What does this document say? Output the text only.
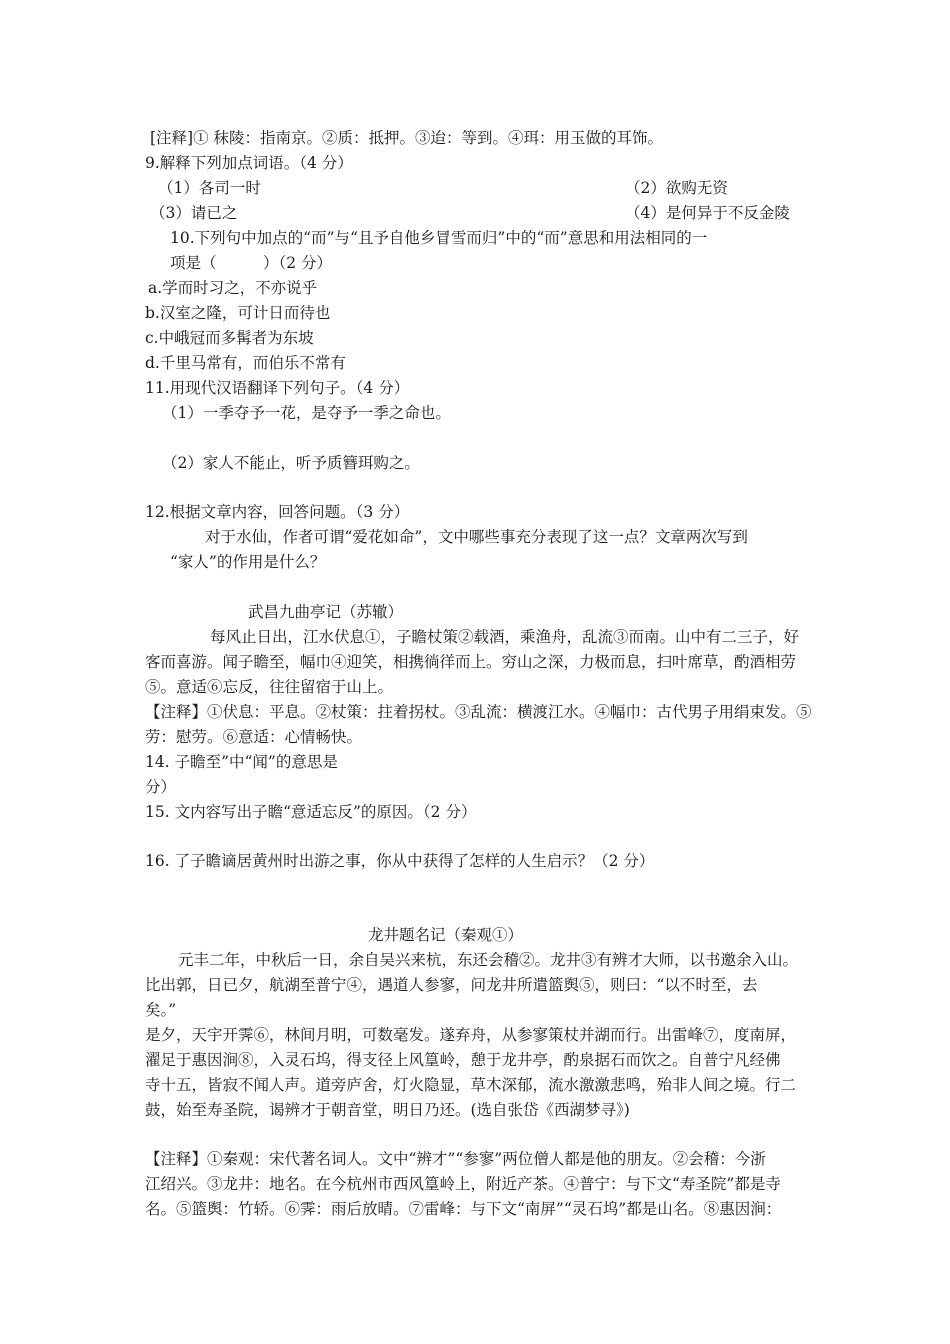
[注释]① 秣陵：指南京。②质：抵押。③迨：等到。④珥：用玉做的耳饰。
9.解释下列加点词语。（4 分）
（1）各司一时	（2）欲购无资
（3）请已之	（4）是何异于不反金陵
10.下列句中加点的“而”与“且予自他乡冒雪而归”中的“而”意思和用法相同的一
项是（　　　）（2 分）
a.学而时习之，不亦说乎
b.汉室之隆，可计日而待也
c.中峨冠而多髯者为东坡
d.千里马常有，而伯乐不常有
11.用现代汉语翻译下列句子。（4 分）
（1）一季夺予一花，是夺予一季之命也。
（2）家人不能止，听予质簪珥购之。
12.根据文章内容，回答问题。（3 分）
对于水仙，作者可谓“爱花如命”，文中哪些事充分表现了这一点？文章两次写到
“家人”的作用是什么？
武昌九曲亭记（苏辙）
每风止日出，江水伏息①，子瞻杖策②载酒，乘渔舟，乱流③而南。山中有二三子，好
客而喜游。闻子瞻至，幅巾④迎笑，相携徜徉而上。穷山之深，力极而息，扫叶席草，酌酒相劳
⑤。意适⑥忘反，往往留宿于山上。
【注释】①伏息：平息。②杖策：拄着拐杖。③乱流：横渡江水。④幅巾：古代男子用绢束发。⑤
劳：慰劳。⑥意适：心情畅快。
14. 子瞻至”中“闻”的意思是
分）
15. 文内容写出子瞻“意适忘反”的原因。（2 分）
16. 了子瞻谪居黄州时出游之事，你从中获得了怎样的人生启示？（2 分）
龙井题名记（秦观①）
元丰二年，中秋后一日，余自吴兴来杭，东还会稽②。龙井③有辨才大师，以书邀余入山。
比出郭，日已夕，航湖至普宁④，遇道人参寥，问龙井所遣篮舆⑤，则曰：“以不时至，去
矣。”
是夕，天宇开霁⑥，林间月明，可数毫发。遂弃舟，从参寥策杖并湖而行。出雷峰⑦，度南屏，
濯足于惠因涧⑧，入灵石坞，得支径上风篁岭，憩于龙井亭，酌泉据石而饮之。自普宁凡经佛
寺十五，皆寂不闻人声。道旁庐舍，灯火隐显，草木深郁，流水激激悲鸣，殆非人间之境。行二
鼓，始至寿圣院，谒辨才于朝音堂，明日乃还。(选自张岱《西湖梦寻》)
【注释】①秦观：宋代著名词人。文中“辨才”“参寥”两位僧人都是他的朋友。②会稽：今浙
江绍兴。③龙井：地名。在今杭州市西风篁岭上，附近产茶。④普宁：与下文“寿圣院”都是寺
名。⑤篮舆：竹轿。⑥霁：雨后放晴。⑦雷峰：与下文“南屏”“灵石坞”都是山名。⑧惠因涧：
